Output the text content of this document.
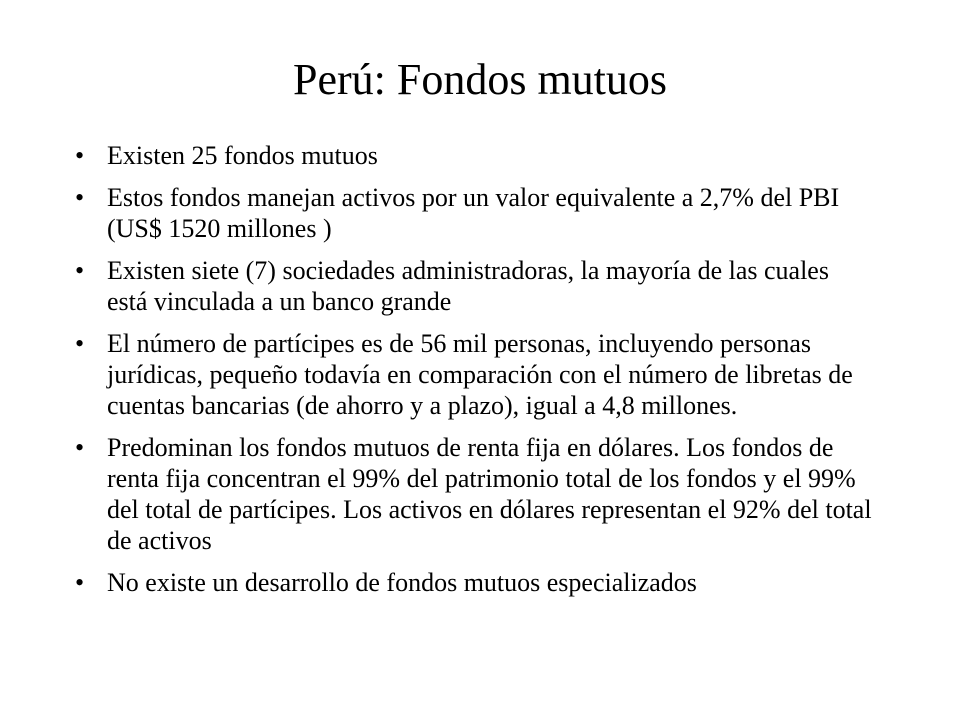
Perú: Fondos mutuos
• Existen 25 fondos mutuos
• Estos fondos manejan activos por un valor equivalente a 2,7% del PBI (US$ 1520 millones )
• Existen siete (7) sociedades administradoras, la mayoría de las cuales está vinculada a un banco grande
• El número de partícipes es de 56 mil personas, incluyendo personas jurídicas, pequeño todavía en comparación con el número de libretas de cuentas bancarias (de ahorro y a plazo), igual a 4,8 millones.
• Predominan los fondos mutuos de renta fija en dólares. Los fondos de renta fija concentran el 99% del patrimonio total de los fondos y el 99% del total de partícipes. Los activos en dólares representan el 92% del total de activos
• No existe un desarrollo de fondos mutuos especializados
